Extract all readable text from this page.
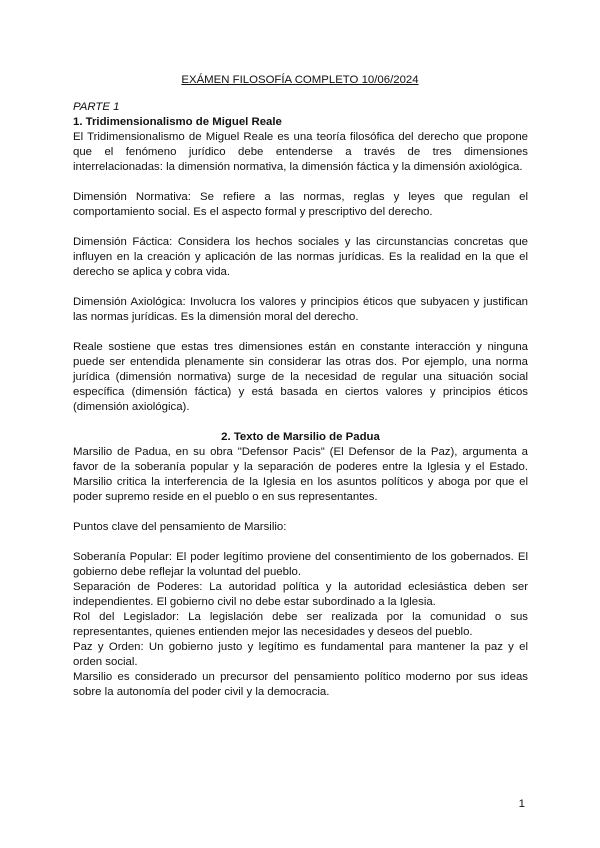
EXÁMEN FILOSOFÍA COMPLETO 10/06/2024

PARTE 1

1. Tridimensionalismo de Miguel Reale

El Tridimensionalismo de Miguel Reale es una teoría filosófica del derecho que propone que el fenómeno jurídico debe entenderse a través de tres dimensiones interrelacionadas: la dimensión normativa, la dimensión fáctica y la dimensión axiológica.

Dimensión Normativa: Se refiere a las normas, reglas y leyes que regulan el comportamiento social. Es el aspecto formal y prescriptivo del derecho.

Dimensión Fáctica: Considera los hechos sociales y las circunstancias concretas que influyen en la creación y aplicación de las normas jurídicas. Es la realidad en la que el derecho se aplica y cobra vida.

Dimensión Axiológica: Involucra los valores y principios éticos que subyacen y justifican las normas jurídicas. Es la dimensión moral del derecho.

Reale sostiene que estas tres dimensiones están en constante interacción y ninguna puede ser entendida plenamente sin considerar las otras dos. Por ejemplo, una norma jurídica (dimensión normativa) surge de la necesidad de regular una situación social específica (dimensión fáctica) y está basada en ciertos valores y principios éticos (dimensión axiológica).

2. Texto de Marsilio de Padua

Marsilio de Padua, en su obra "Defensor Pacis" (El Defensor de la Paz), argumenta a favor de la soberanía popular y la separación de poderes entre la Iglesia y el Estado. Marsilio critica la interferencia de la Iglesia en los asuntos políticos y aboga por que el poder supremo reside en el pueblo o en sus representantes.

Puntos clave del pensamiento de Marsilio:

Soberanía Popular: El poder legítimo proviene del consentimiento de los gobernados. El gobierno debe reflejar la voluntad del pueblo.

Separación de Poderes: La autoridad política y la autoridad eclesiástica deben ser independientes. El gobierno civil no debe estar subordinado a la Iglesia.

Rol del Legislador: La legislación debe ser realizada por la comunidad o sus representantes, quienes entienden mejor las necesidades y deseos del pueblo.

Paz y Orden: Un gobierno justo y legítimo es fundamental para mantener la paz y el orden social.

Marsilio es considerado un precursor del pensamiento político moderno por sus ideas sobre la autonomía del poder civil y la democracia.

1
